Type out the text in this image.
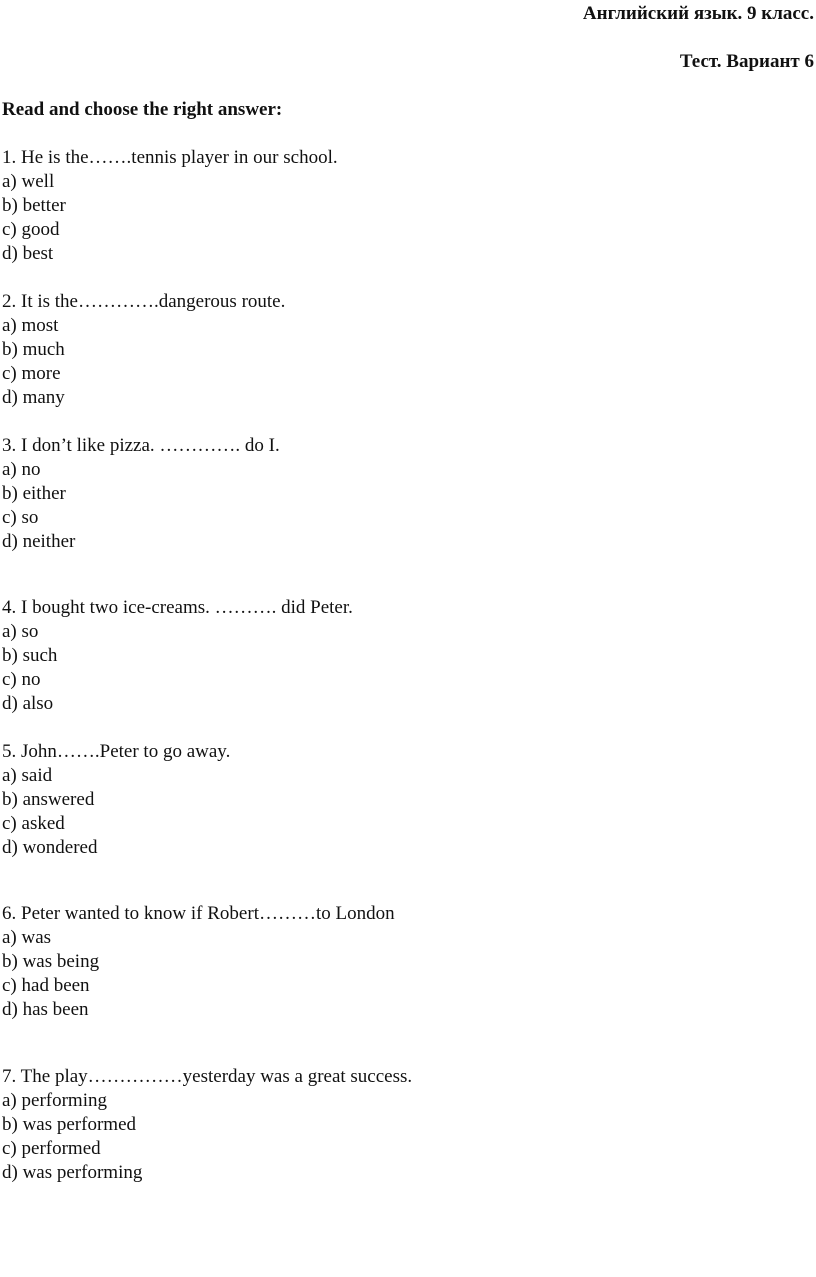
Английский язык. 9 класс.
Тест. Вариант 6
Read and choose the right answer:
1. He is the…….tennis player in our school.
a) well
b) better
c) good
d) best
2. It is the………….dangerous route.
a) most
b) much
c) more
d) many
3. I don’t like pizza. …………. do I.
a) no
b) either
c) so
d) neither
4. I bought two ice-creams. ………. did Peter.
a) so
b) such
c) no
d) also
5. John…….Peter to go away.
a) said
b) answered
c) asked
d) wondered
6. Peter wanted to know if Robert………to London
a) was
b) was being
c) had been
d) has been
7. The play……………yesterday was a great success.
a) performing
b) was performed
c) performed
d) was performing
